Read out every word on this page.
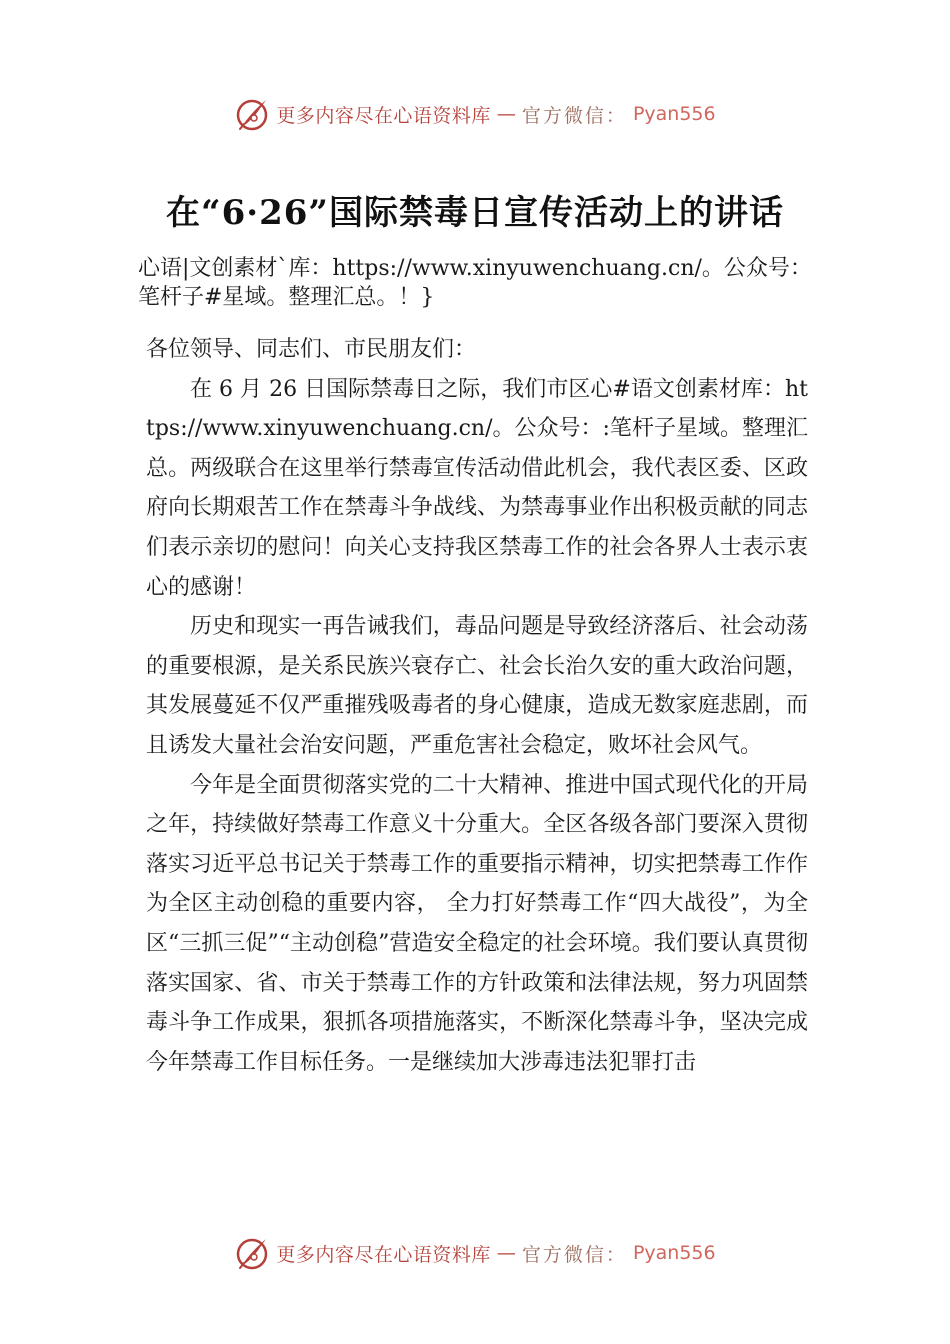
更多内容尽在心语资料库 — 官方微信： Pyan556
在“6·26”国际禁毒日宣传活动上的讲话

心语|文创素材`库：https://www.xinyuwenchuang.cn/。公众号：笔杆子#星域。整理汇总。！}

各位领导、同志们、市民朋友们：

在 6 月 26 日国际禁毒日之际，我们市区心#语文创素材库：https://www.xinyuwenchuang.cn/。公众号：:笔杆子星域。整理汇总。两级联合在这里举行禁毒宣传活动借此机会，我代表区委、区政府向长期艰苦工作在禁毒斗争战线、为禁毒事业作出积极贡献的同志们表示亲切的慰问！向关心支持我区禁毒工作的社会各界人士表示衷心的感谢！

历史和现实一再告诫我们，毒品问题是导致经济落后、社会动荡的重要根源，是关系民族兴衰存亡、社会长治久安的重大政治问题，其发展蔓延不仅严重摧残吸毒者的身心健康，造成无数家庭悲剧，而且诱发大量社会治安问题，严重危害社会稳定，败坏社会风气。

今年是全面贯彻落实党的二十大精神、推进中国式现代化的开局之年，持续做好禁毒工作意义十分重大。全区各级各部门要深入贯彻落实习近平总书记关于禁毒工作的重要指示精神，切实把禁毒工作作为全区主动创稳的重要内容， 全力打好禁毒工作“四大战役”，为全区“三抓三促”“主动创稳”营造安全稳定的社会环境。我们要认真贯彻落实国家、省、市关于禁毒工作的方针政策和法律法规，努力巩固禁毒斗争工作成果，狠抓各项措施落实，不断深化禁毒斗争，坚决完成今年禁毒工作目标任务。一是继续加大涉毒违法犯罪打击

更多内容尽在心语资料库 — 官方微信： Pyan556
